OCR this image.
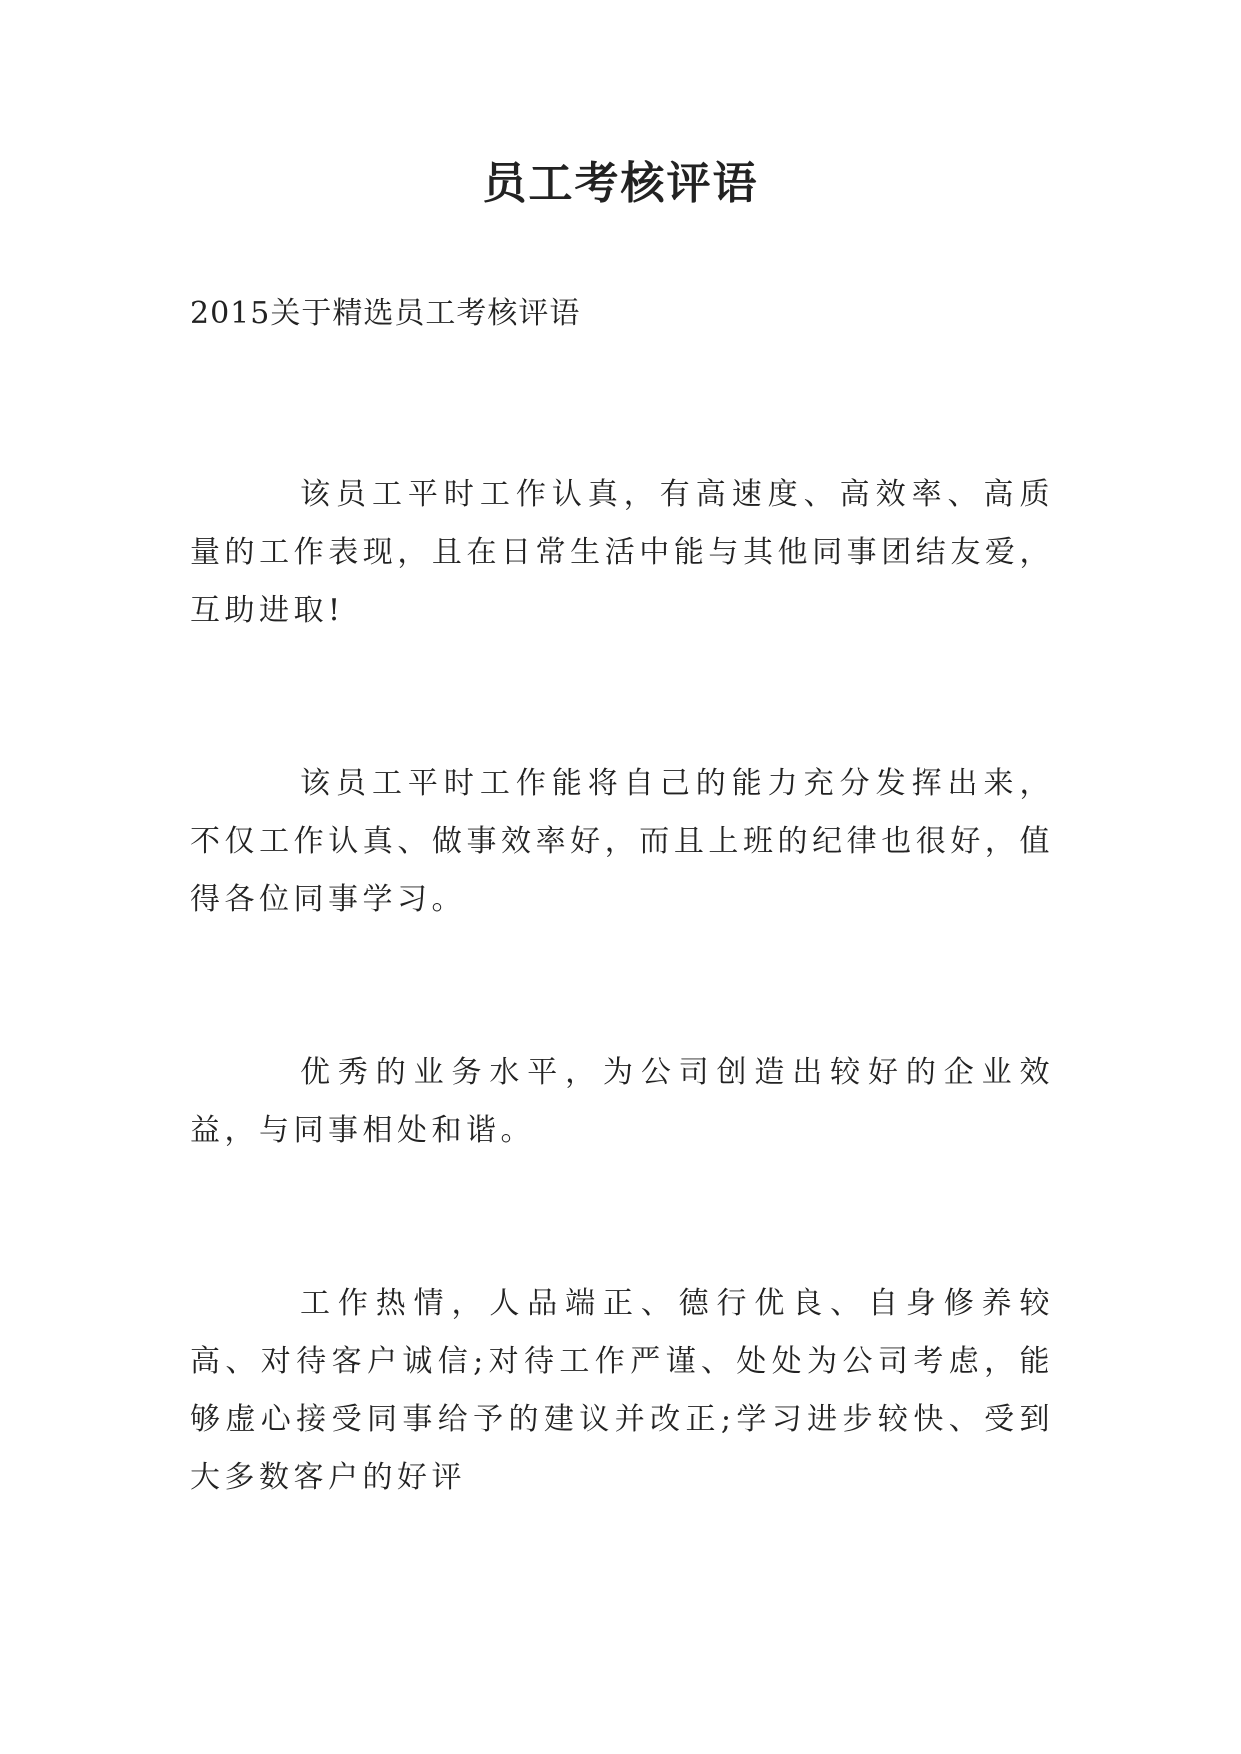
员工考核评语

2015关于精选员工考核评语

该员工平时工作认真，有高速度、高效率、高质量的工作表现，且在日常生活中能与其他同事团结友爱，互助进取!

该员工平时工作能将自己的能力充分发挥出来，不仅工作认真、做事效率好，而且上班的纪律也很好，值得各位同事学习。

优秀的业务水平，为公司创造出较好的企业效益，与同事相处和谐。

工作热情，人品端正、德行优良、自身修养较高、对待客户诚信;对待工作严谨、处处为公司考虑，能够虚心接受同事给予的建议并改正;学习进步较快、受到大多数客户的好评
